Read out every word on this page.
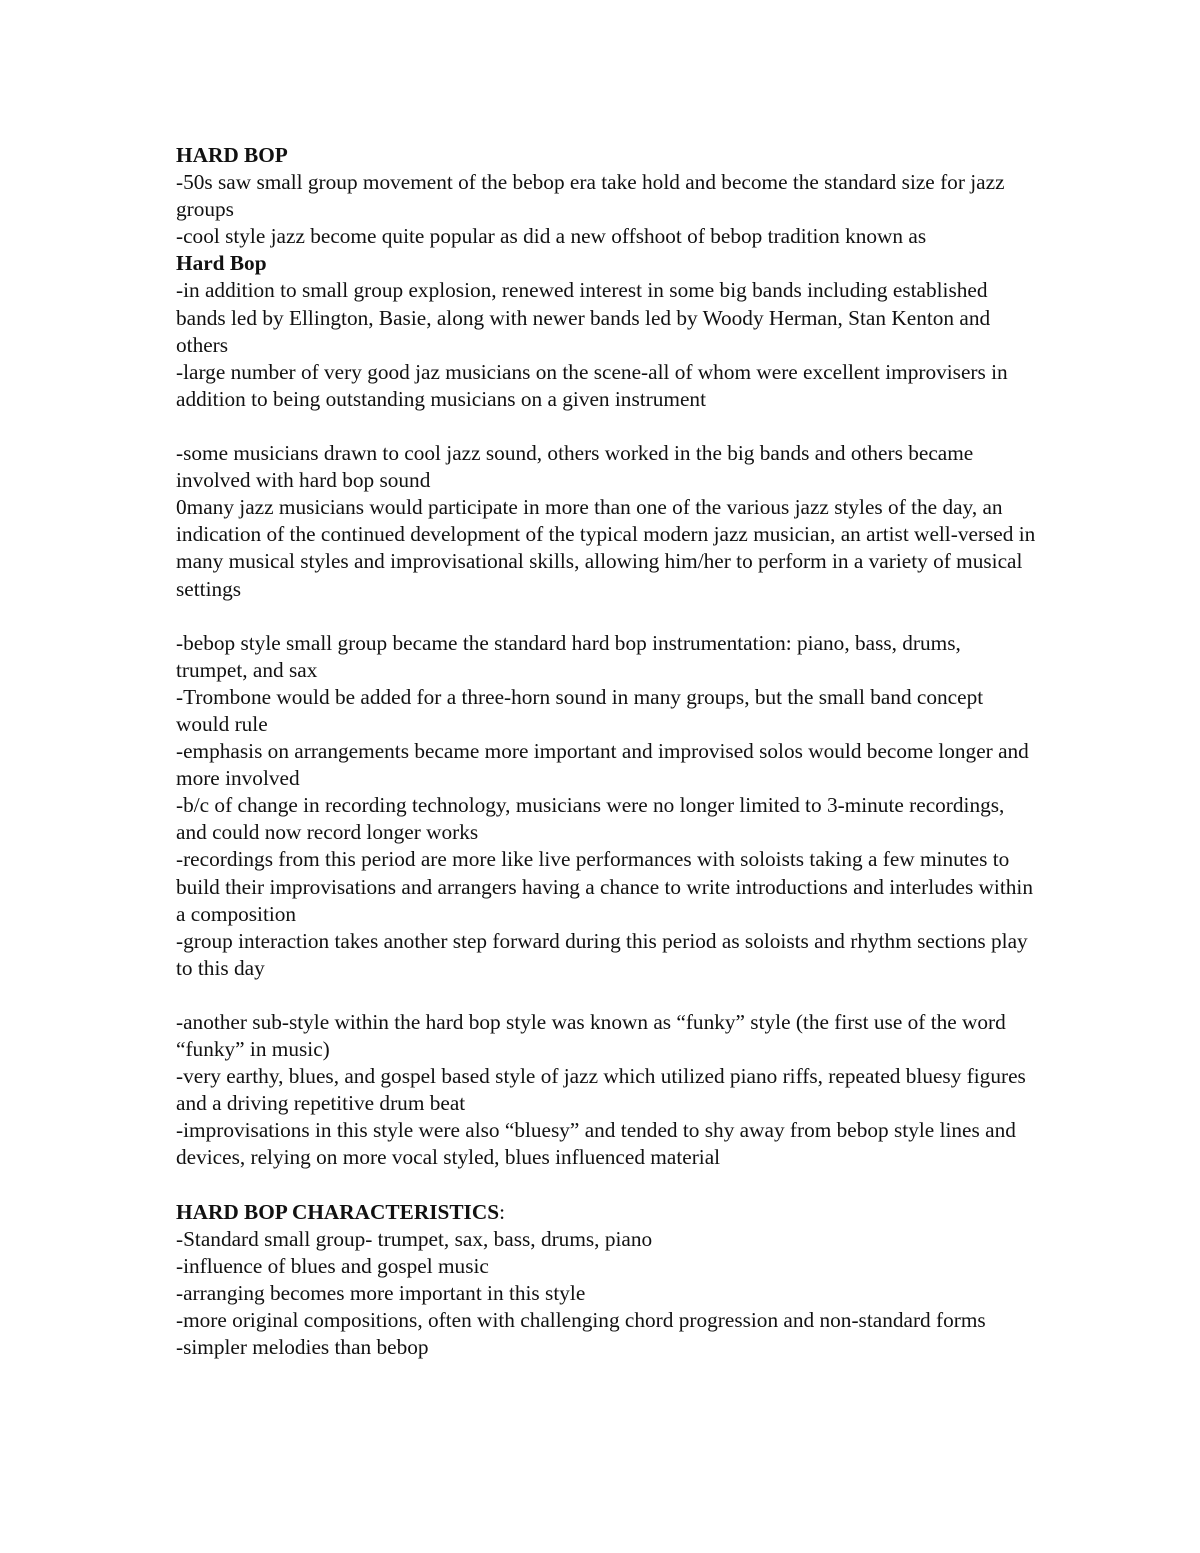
HARD BOP

-50s saw small group movement of the bebop era take hold and become the standard size for jazz groups

-cool style jazz become quite popular as did a new offshoot of bebop tradition known as

Hard Bop

-in addition to small group explosion, renewed interest in some big bands including established bands led by Ellington, Basie, along with newer bands led by Woody Herman, Stan Kenton and others

-large number of very good jaz musicians on the scene-all of whom were excellent improvisers in addition to being outstanding musicians on a given instrument

-some musicians drawn to cool jazz sound, others worked in the big bands and others became involved with hard bop sound

0many jazz musicians would participate in more than one of the various jazz styles of the day, an indication of the continued development of the typical modern jazz musician, an artist well-versed in many musical styles and improvisational skills, allowing him/her to perform in a variety of musical settings

-bebop style small group became the standard hard bop instrumentation: piano, bass, drums, trumpet, and sax

-Trombone would be added for a three-horn sound in many groups, but the small band concept would rule

-emphasis on arrangements became more important and improvised solos would become longer and more involved

-b/c of change in recording technology, musicians were no longer limited to 3-minute recordings, and could now record longer works

-recordings from this period are more like live performances with soloists taking a few minutes to build their improvisations and arrangers having a chance to write introductions and interludes within a composition

-group interaction takes another step forward during this period as soloists and rhythm sections play to this day

-another sub-style within the hard bop style was known as “funky” style (the first use of the word “funky” in music)

-very earthy, blues, and gospel based style of jazz which utilized piano riffs, repeated bluesy figures and a driving repetitive drum beat

-improvisations in this style were also “bluesy” and tended to shy away from bebop style lines and devices, relying on more vocal styled, blues influenced material

HARD BOP CHARACTERISTICS:

-Standard small group- trumpet, sax, bass, drums, piano

-influence of blues and gospel music

-arranging becomes more important in this style

-more original compositions, often with challenging chord progression and non-standard forms

-simpler melodies than bebop
